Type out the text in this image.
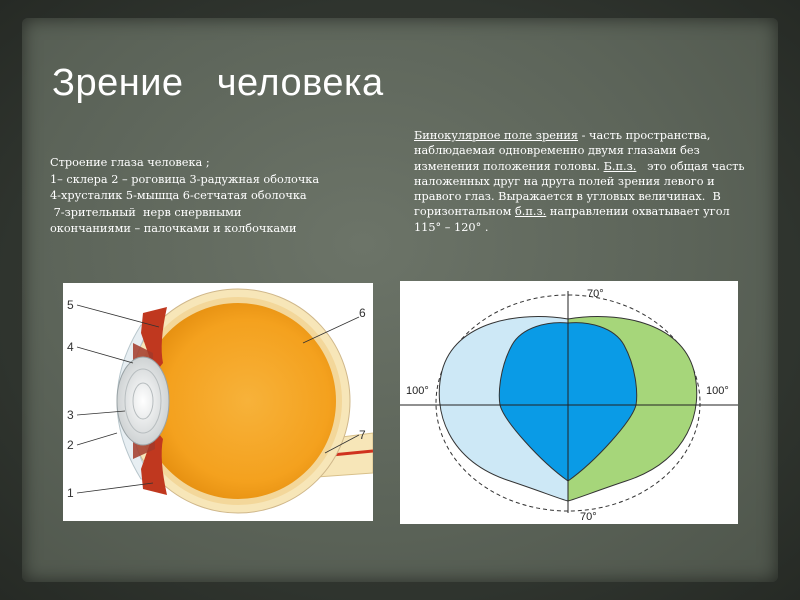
Зрение   человека

Строение глаза человека ;

1– склера 2 – роговица 3-радужная оболочка

4-хрусталик 5-мышца 6-сетчатая оболочка

7-зрительный  нерв снервными

окончаниями – палочками и колбочками

Бинокулярное поле зрения - часть пространства, наблюдаемая одновременно двумя глазами без изменения положения головы. Б.п.з.   это общая часть наложенных друг на друга полей зрения левого и правого глаз. Выражается в угловых величинах.  В горизонтальном б.п.з. направлении охватывает угол 115° – 120° .

5
4
3
2
1
6
7
70°
70°
100°	100°
